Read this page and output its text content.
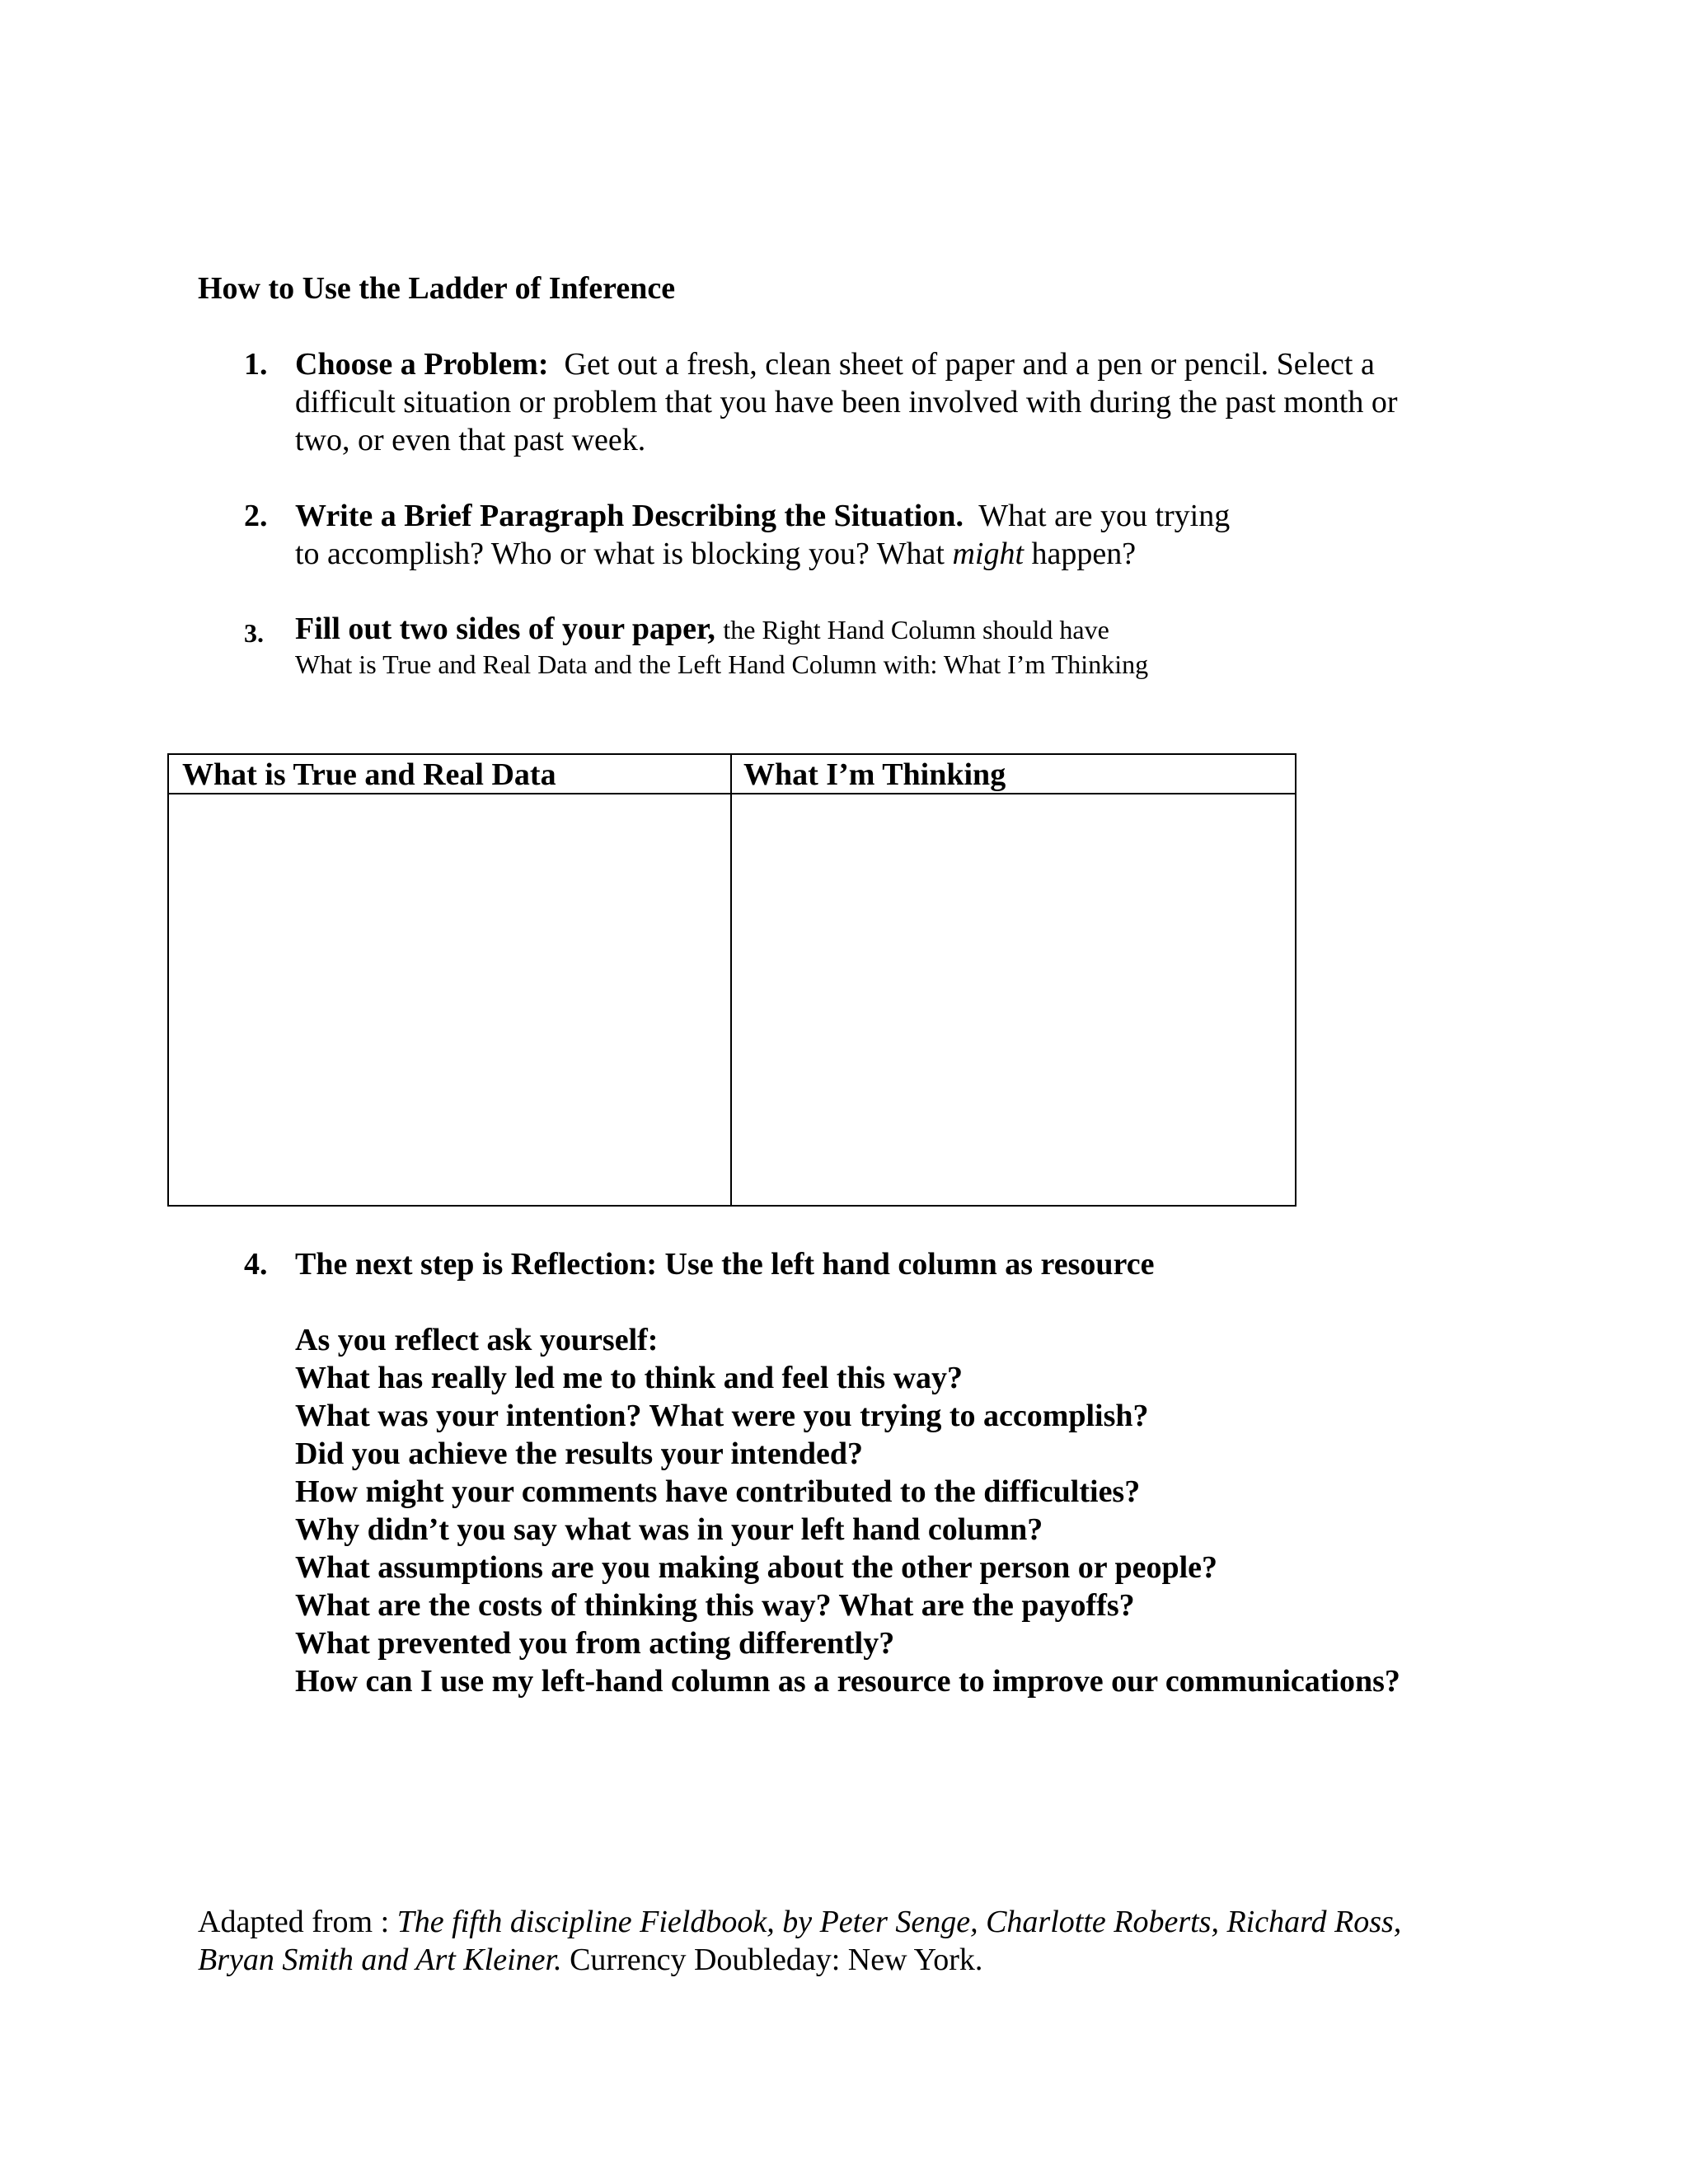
How to Use the Ladder of Inference
1. Choose a Problem: Get out a fresh, clean sheet of paper and a pen or pencil. Select a
difficult situation or problem that you have been involved with during the past month or
two, or even that past week.
2. Write a Brief Paragraph Describing the Situation. What are you trying
to accomplish? Who or what is blocking you? What might happen?
3. Fill out two sides of your paper, the Right Hand Column should have
What is True and Real Data and the Left Hand Column with: What I’m Thinking
What is True and Real Data	What I’m Thinking
4. The next step is Reflection: Use the left hand column as resource
As you reflect ask yourself:
What has really led me to think and feel this way?
What was your intention? What were you trying to accomplish?
Did you achieve the results your intended?
How might your comments have contributed to the difficulties?
Why didn’t you say what was in your left hand column?
What assumptions are you making about the other person or people?
What are the costs of thinking this way? What are the payoffs?
What prevented you from acting differently?
How can I use my left-hand column as a resource to improve our communications?
Adapted from : The fifth discipline Fieldbook, by Peter Senge, Charlotte Roberts, Richard Ross,
Bryan Smith and Art Kleiner. Currency Doubleday: New York.
